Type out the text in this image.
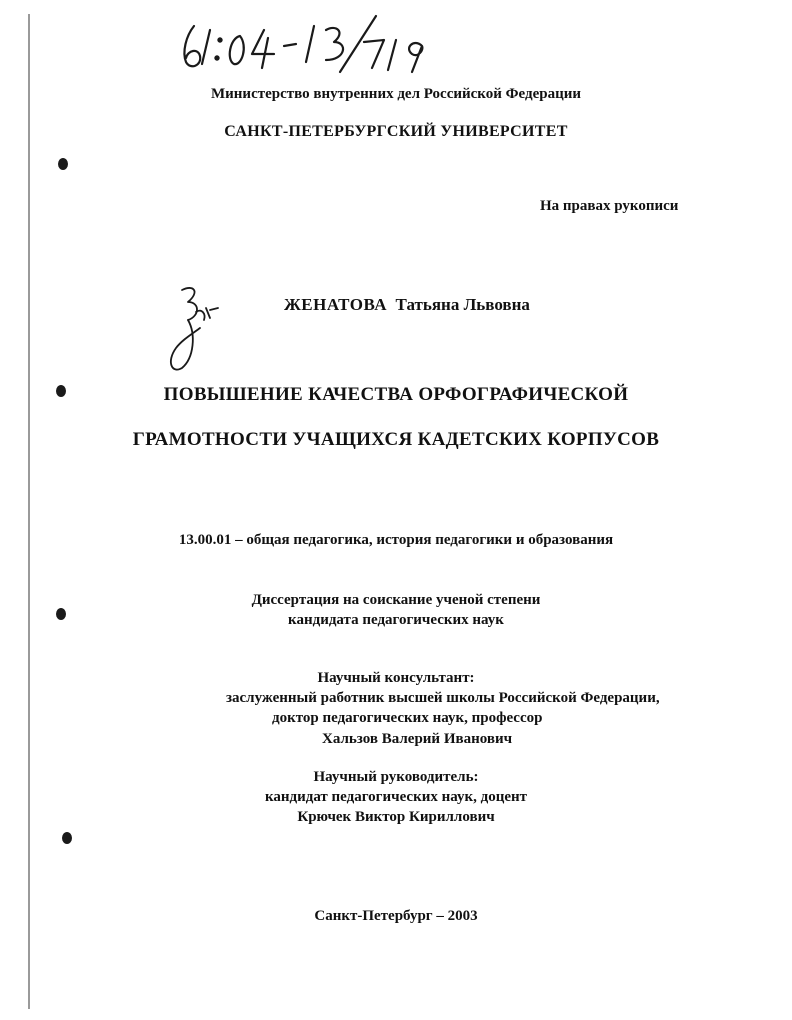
Министерство внутренних дел Российской Федерации
САНКТ-ПЕТЕРБУРГСКИЙ УНИВЕРСИТЕТ
На правах рукописи
ЖЕНАТОВА Татьяна Львовна
ПОВЫШЕНИЕ КАЧЕСТВА ОРФОГРАФИЧЕСКОЙ
ГРАМОТНОСТИ УЧАЩИХСЯ КАДЕТСКИХ КОРПУСОВ
13.00.01 – общая педагогика, история педагогики и образования
Диссертация на соискание ученой степени
кандидата педагогических наук
Научный консультант:
заслуженный работник высшей школы Российской Федерации,
доктор педагогических наук, профессор
Хальзов Валерий Иванович
Научный руководитель:
кандидат педагогических наук, доцент
Крючек Виктор Кириллович
Санкт-Петербург – 2003
